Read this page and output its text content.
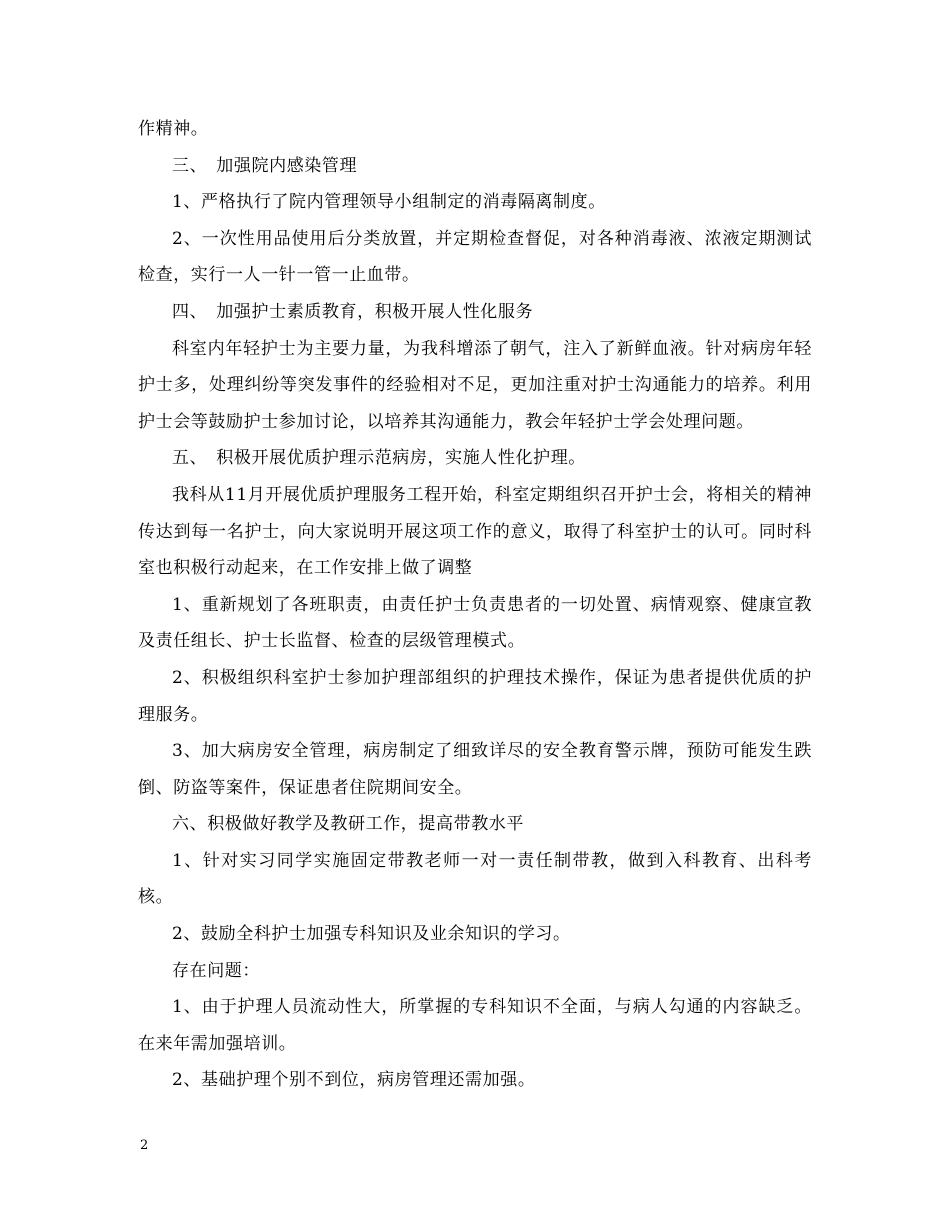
作精神。

三、　加强院内感染管理

1、严格执行了院内管理领导小组制定的消毒隔离制度。

2、一次性用品使用后分类放置，并定期检查督促，对各种消毒液、浓液定期测试检查，实行一人一针一管一止血带。

四、　加强护士素质教育，积极开展人性化服务

科室内年轻护士为主要力量，为我科增添了朝气，注入了新鲜血液。针对病房年轻护士多，处理纠纷等突发事件的经验相对不足，更加注重对护士沟通能力的培养。利用护士会等鼓励护士参加讨论，以培养其沟通能力，教会年轻护士学会处理问题。

五、　积极开展优质护理示范病房，实施人性化护理。

我科从11月开展优质护理服务工程开始，科室定期组织召开护士会，将相关的精神传达到每一名护士，向大家说明开展这项工作的意义，取得了科室护士的认可。同时科室也积极行动起来，在工作安排上做了调整

1、重新规划了各班职责，由责任护士负责患者的一切处置、病情观察、健康宣教及责任组长、护士长监督、检查的层级管理模式。

2、积极组织科室护士参加护理部组织的护理技术操作，保证为患者提供优质的护理服务。

3、加大病房安全管理，病房制定了细致详尽的安全教育警示牌，预防可能发生跌倒、防盗等案件，保证患者住院期间安全。

六、积极做好教学及教研工作，提高带教水平

1、针对实习同学实施固定带教老师一对一责任制带教，做到入科教育、出科考核。

2、鼓励全科护士加强专科知识及业余知识的学习。

存在问题：

1、由于护理人员流动性大，所掌握的专科知识不全面，与病人勾通的内容缺乏。在来年需加强培训。

2、基础护理个别不到位，病房管理还需加强。

2
